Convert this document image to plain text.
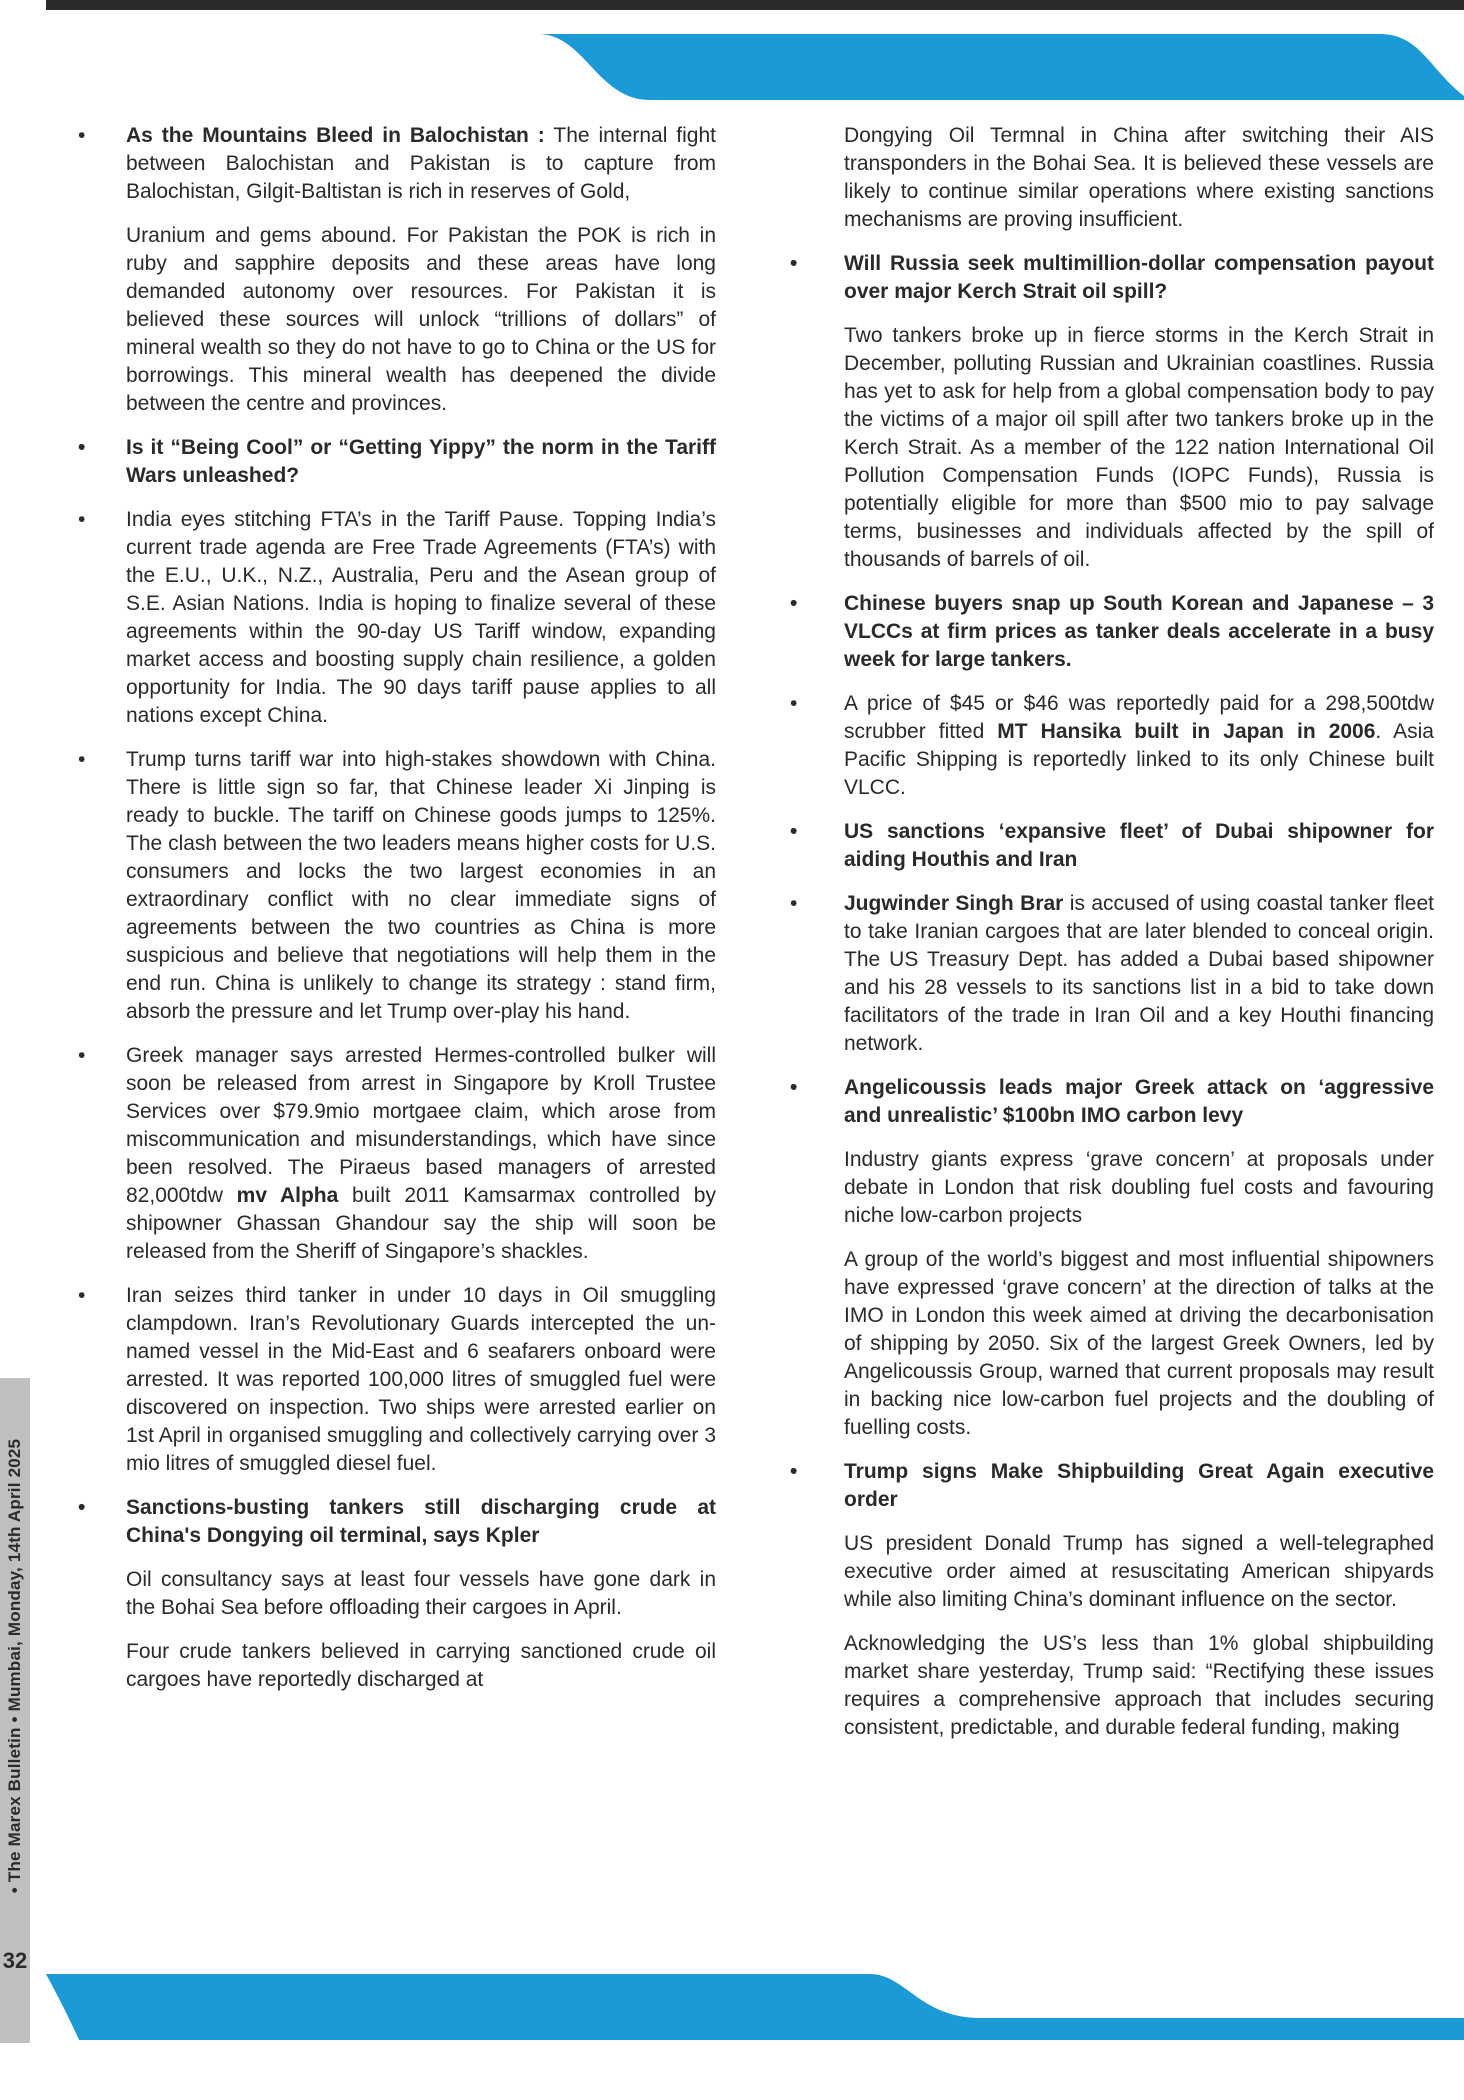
• The Marex Bulletin • Mumbai, Monday, 14th April 2025
32
• As the Mountains Bleed in Balochistan : The internal fight between Balochistan and Pakistan is to capture from Balochistan, Gilgit-Baltistan is rich in reserves of Gold,
Uranium and gems abound. For Pakistan the POK is rich in ruby and sapphire deposits and these areas have long demanded autonomy over resources. For Pakistan it is believed these sources will unlock “trillions of dollars” of mineral wealth so they do not have to go to China or the US for borrowings. This mineral wealth has deepened the divide between the centre and provinces.
• Is it “Being Cool” or “Getting Yippy” the norm in the Tariff Wars unleashed?
• India eyes stitching FTA’s in the Tariff Pause. Topping India’s current trade agenda are Free Trade Agreements (FTA’s) with the E.U., U.K., N.Z., Australia, Peru and the Asean group of S.E. Asian Nations. India is hoping to finalize several of these agreements within the 90-day US Tariff window, expanding market access and boosting supply chain resilience, a golden opportunity for India. The 90 days tariff pause applies to all nations except China.
• Trump turns tariff war into high-stakes showdown with China. There is little sign so far, that Chinese leader Xi Jinping is ready to buckle. The tariff on Chinese goods jumps to 125%. The clash between the two leaders means higher costs for U.S. consumers and locks the two largest economies in an extraordinary conflict with no clear immediate signs of agreements between the two countries as China is more suspicious and believe that negotiations will help them in the end run. China is unlikely to change its strategy : stand firm, absorb the pressure and let Trump over-play his hand.
• Greek manager says arrested Hermes-controlled bulker will soon be released from arrest in Singapore by Kroll Trustee Services over $79.9mio mortgaee claim, which arose from miscommunication and misunderstandings, which have since been resolved. The Piraeus based managers of arrested 82,000tdw mv Alpha built 2011 Kamsarmax controlled by shipowner Ghassan Ghandour say the ship will soon be released from the Sheriff of Singapore’s shackles.
• Iran seizes third tanker in under 10 days in Oil smuggling clampdown. Iran’s Revolutionary Guards intercepted the un-named vessel in the Mid-East and 6 seafarers onboard were arrested. It was reported 100,000 litres of smuggled fuel were discovered on inspection. Two ships were arrested earlier on 1st April in organised smuggling and collectively carrying over 3 mio litres of smuggled diesel fuel.
• Sanctions-busting tankers still discharging crude at China's Dongying oil terminal, says Kpler
Oil consultancy says at least four vessels have gone dark in the Bohai Sea before offloading their cargoes in April.
Four crude tankers believed in carrying sanctioned crude oil cargoes have reportedly discharged at
Dongying Oil Termnal in China after switching their AIS transponders in the Bohai Sea. It is believed these vessels are likely to continue similar operations where existing sanctions mechanisms are proving insufficient.
• Will Russia seek multimillion-dollar compensation payout over major Kerch Strait oil spill?
Two tankers broke up in fierce storms in the Kerch Strait in December, polluting Russian and Ukrainian coastlines. Russia has yet to ask for help from a global compensation body to pay the victims of a major oil spill after two tankers broke up in the Kerch Strait. As a member of the 122 nation International Oil Pollution Compensation Funds (IOPC Funds), Russia is potentially eligible for more than $500 mio to pay salvage terms, businesses and individuals affected by the spill of thousands of barrels of oil.
• Chinese buyers snap up South Korean and Japanese – 3 VLCCs at firm prices as tanker deals accelerate in a busy week for large tankers.
• A price of $45 or $46 was reportedly paid for a 298,500tdw scrubber fitted MT Hansika built in Japan in 2006. Asia Pacific Shipping is reportedly linked to its only Chinese built VLCC.
• US sanctions ‘expansive fleet’ of Dubai shipowner for aiding Houthis and Iran
• Jugwinder Singh Brar is accused of using coastal tanker fleet to take Iranian cargoes that are later blended to conceal origin. The US Treasury Dept. has added a Dubai based shipowner and his 28 vessels to its sanctions list in a bid to take down facilitators of the trade in Iran Oil and a key Houthi financing network.
• Angelicoussis leads major Greek attack on ‘aggressive and unrealistic’ $100bn IMO carbon levy
Industry giants express ‘grave concern’ at proposals under debate in London that risk doubling fuel costs and favouring niche low-carbon projects
A group of the world’s biggest and most influential shipowners have expressed ‘grave concern’ at the direction of talks at the IMO in London this week aimed at driving the decarbonisation of shipping by 2050. Six of the largest Greek Owners, led by Angelicoussis Group, warned that current proposals may result in backing nice low-carbon fuel projects and the doubling of fuelling costs.
• Trump signs Make Shipbuilding Great Again executive order
US president Donald Trump has signed a well-telegraphed executive order aimed at resuscitating American shipyards while also limiting China’s dominant influence on the sector.
Acknowledging the US’s less than 1% global shipbuilding market share yesterday, Trump said: “Rectifying these issues requires a comprehensive approach that includes securing consistent, predictable, and durable federal funding, making
